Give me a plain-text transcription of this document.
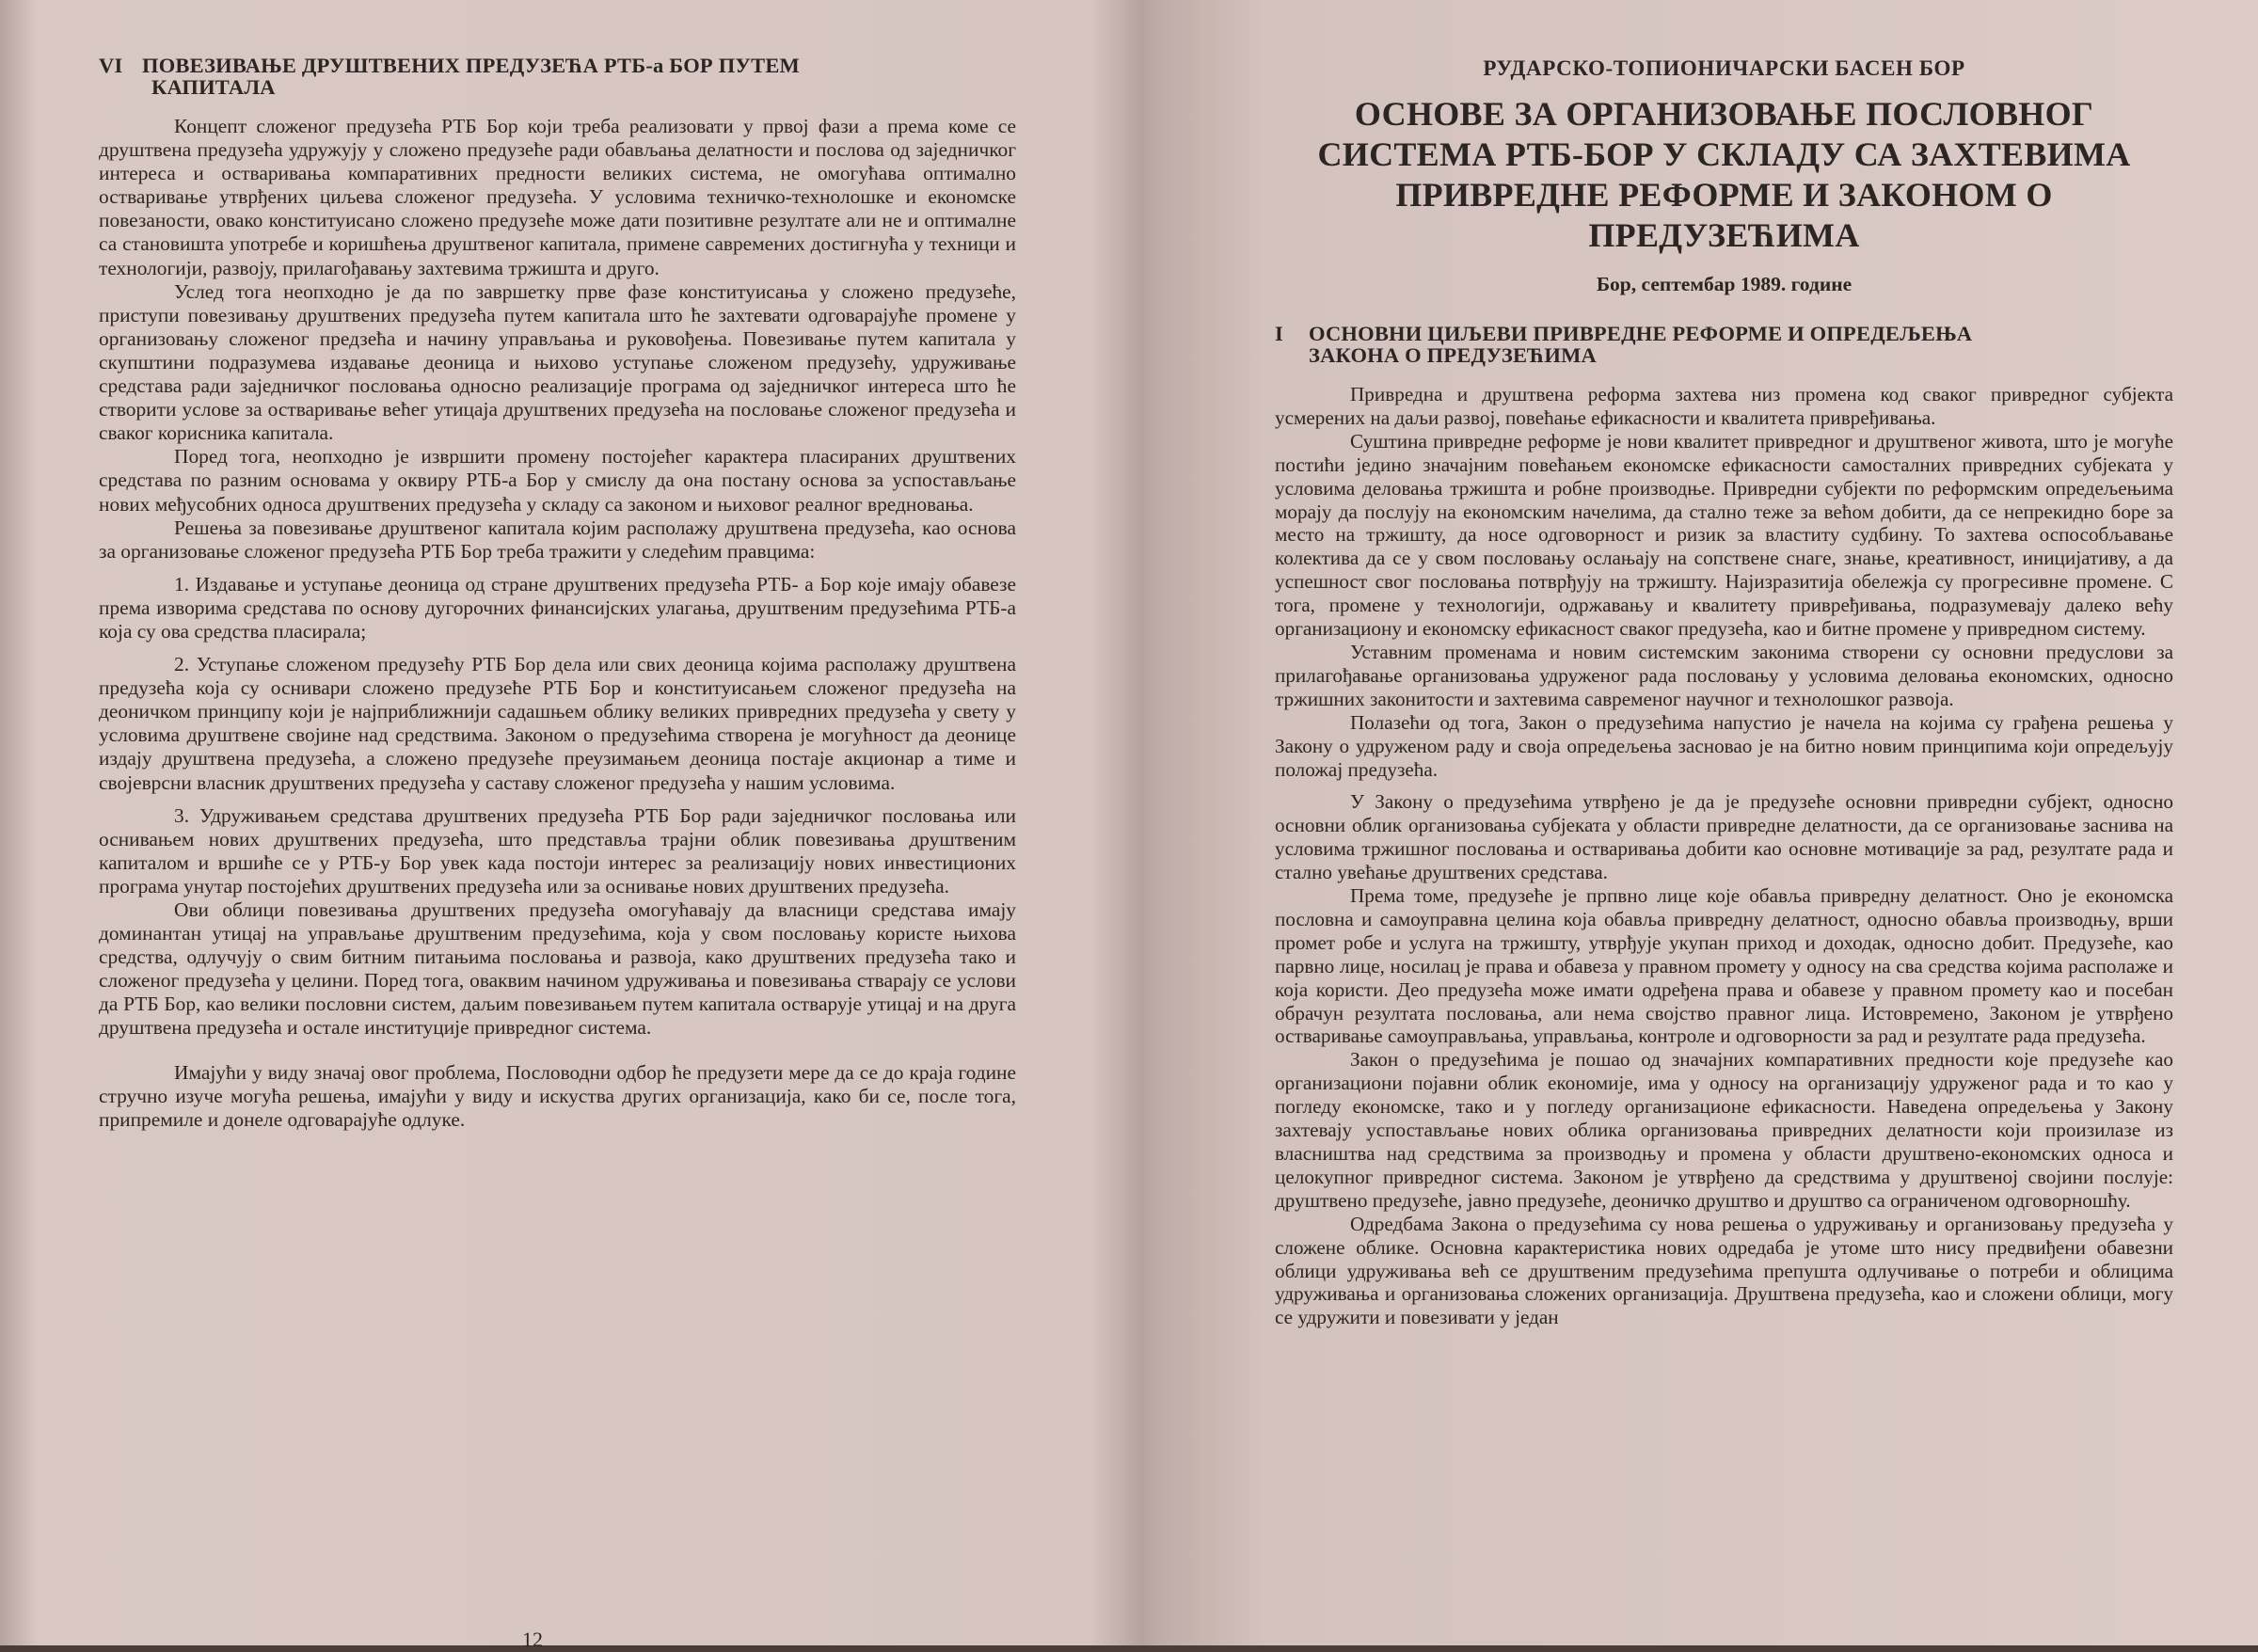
VI ПОВЕЗИВАЊЕ ДРУШТВЕНИХ ПРЕДУЗЕЋА РТБ-а БОР ПУТЕМ
КАПИТАЛА

Концепт сложеног предузећа РТБ Бор који треба реализовати у првој фази а према коме се друштвена предузећа удружују у сложено предузеће ради обављања делатности и послова од заједничког интереса и остваривања компаративних предности великих система, не омогућава оптимално остваривање утврђених циљева сложеног предузећа. У условима техничко-технолошке и економске повезаности, овако конституисано сложено предузеће може дати позитивне резултате али не и оптималне са становишта употребе и коришћења друштвеног капитала, примене савремених достигнућа у техници и технологији, развоју, прилагођавању захтевима тржишта и друго.

Услед тога неопходно је да по завршетку прве фазе конституисања у сложено предузеће, приступи повезивању друштвених предузећа путем капитала што ће захтевати одговарајуће промене у организовању сложеног предзећа и начину управљања и руковођења. Повезивање путем капитала у скупштини подразумева издавање деоница и њихово уступање сложеном предузећу, удруживање средстава ради заједничког пословања односно реализације програма од заједничког интереса што ће створити услове за остваривање већег утицаја друштвених предузећа на пословање сложеног предузећа и сваког корисника капитала.

Поред тога, неопходно је извршити промену постојећег карактера пласираних друштвених средстава по разним основама у оквиру РТБ-а Бор у смислу да она постану основа за успостављање нових међусобних односа друштвених предузећа у складу са законом и њиховог реалног вредновања.

Решења за повезивање друштвеног капитала којим располажу друштвена предузећа, као основа за организовање сложеног предузећа РТБ Бор треба тражити у следећим правцима:

1. Издавање и уступање деоница од стране друштвених предузећа РТБ- а Бор које имају обавезе према изворима средстава по основу дугорочних финансијских улагања, друштвеним предузећима РТБ-а која су ова средства пласирала;

2. Уступање сложеном предузећу РТБ Бор дела или свих деоница којима располажу друштвена предузећа која су оснивари сложено предузеће РТБ Бор и конституисањем сложеног предузећа на деоничком принципу који је најприближнији садашњем облику великих привредних предузећа у свету у условима друштвене својине над средствима. Законом о предузећима створена је могућност да деонице издају друштвена предузећа, а сложено предузеће преузимањем деоница постаје акционар а тиме и својеврсни власник друштвених предузећа у саставу сложеног предузећа у нашим условима.

3. Удруживањем средстава друштвених предузећа РТБ Бор ради заједничког пословања или оснивањем нових друштвених предузећа, што представља трајни облик повезивања друштвеним капиталом и вршиће се у РТБ-у Бор увек када постоји интерес за реализацију нових инвестиционих програма унутар постојећих друштвених предузећа или за оснивање нових друштвених предузећа.

Ови облици повезивања друштвених предузећа омогућавају да власници средстава имају доминантан утицај на управљање друштвеним предузећима, која у свом пословању користе њихова средства, одлучују о свим битним питањима пословања и развоја, како друштвених предузећа тако и сложеног предузећа у целини. Поред тога, оваквим начином удруживања и повезивања стварају се услови да РТБ Бор, као велики пословни систем, даљим повезивањем путем капитала остварује утицај и на друга друштвена предузећа и остале институције привредног система.

Имајући у виду значај овог проблема, Пословодни одбор ће предузети мере да се до краја године стручно изуче могућа решења, имајући у виду и искуства других организација, како би се, после тога, припремиле и донеле одговарајуће одлуке.

12
РУДАРСКО-ТОПИОНИЧАРСКИ БАСЕН БОР
ОСНОВЕ ЗА ОРГАНИЗОВАЊЕ ПОСЛОВНОГ СИСТЕМА РТБ-БОР У СКЛАДУ СА ЗАХТЕВИМА ПРИВРЕДНЕ РЕФОРМЕ И ЗАКОНОМ О ПРЕДУЗЕЋИМА
Бор, септембар 1989. године
I ОСНОВНИ ЦИЉЕВИ ПРИВРЕДНЕ РЕФОРМЕ И ОПРЕДЕЉЕЊА
ЗАКОНА О ПРЕДУЗЕЋИМА

Привредна и друштвена реформа захтева низ промена код сваког привредног субјекта усмерених на даљи развој, повећање ефикасности и квалитета привређивања.

Суштина привредне реформе је нови квалитет привредног и друштвеног живота, што је могуће постићи једино значајним повећањем економске ефикасности самосталних привредних субјеката у условима деловања тржишта и робне производње. Привредни субјекти по реформским опредељењима морају да послују на економским начелима, да стално теже за већом добити, да се непрекидно боре за место на тржишту, да носе одговорност и ризик за властиту судбину. То захтева оспособљавање колектива да се у свом пословању ослањају на сопствене снаге, знање, креативност, иницијативу, а да успешност свог пословања потврђују на тржишту. Најизразитија обележја су прогресивне промене. С тога, промене у технологији, одржавању и квалитету привређивања, подразумевају далеко већу организациону и економску ефикасност сваког предузећа, као и битне промене у привредном систему.

Уставним променама и новим системским законима створени су основни предуслови за прилагођавање организовања удруженог рада пословању у условима деловања економских, односно тржишних законитости и захтевима савременог научног и технолошког развоја.

Полазећи од тога, Закон о предузећима напустио је начела на којима су грађена решења у Закону о удруженом раду и своја опредељења засновао је на битно новим принципима који опредељују положај предузећа.

У Закону о предузећима утврђено је да је предузеће основни привредни субјект, односно основни облик организовања субјеката у области привредне делатности, да се организовање заснива на условима тржишног пословања и остваривања добити као основне мотивације за рад, резултате рада и стално увећање друштвених средстава.

Према томе, предузеће је прпвно лице које обавља привредну делатност. Оно је економска пословна и самоуправна целина која обавља привредну делатност, односно обавља производњу, врши промет робе и услуга на тржишту, утврђује укупан приход и доходак, односно добит. Предузеће, као парвно лице, носилац је права и обавеза у правном промету у односу на сва средства којима располаже и која користи. Део предузећа може имати одређена права и обавезе у правном промету као и посебан обрачун резултата пословања, али нема својство правног лица. Истовремено, Законом је утврђено остваривање самоуправљања, управљања, контроле и одговорности за рад и резултате рада предузећа.

Закон о предузећима је пошао од значајних компаративних предности које предузеће као организациони појавни облик економије, има у односу на организацију удруженог рада и то као у погледу економске, тако и у погледу организационе ефикасности. Наведена опредељења у Закону захтевају успостављање нових облика организовања привредних делатности који произилазе из власништва над средствима за производњу и промена у области друштвено-економских односа и целокупног привредног система. Законом је утврђено да средствима у друштвеној својини послује: друштвено предузеће, јавно предузеће, деоничко друштво и друштво са ограниченом одговорношћу.

Одредбама Закона о предузећима су нова решења о удруживању и организовању предузећа у сложене облике. Основна карактеристика нових одредаба је утоме што нису предвиђени обавезни облици удруживања већ се друштвеним предузећима препушта одлучивање о потреби и облицима удруживања и организовања сложених организација. Друштвена предузећа, као и сложени облици, могу се удружити и повезивати у један
